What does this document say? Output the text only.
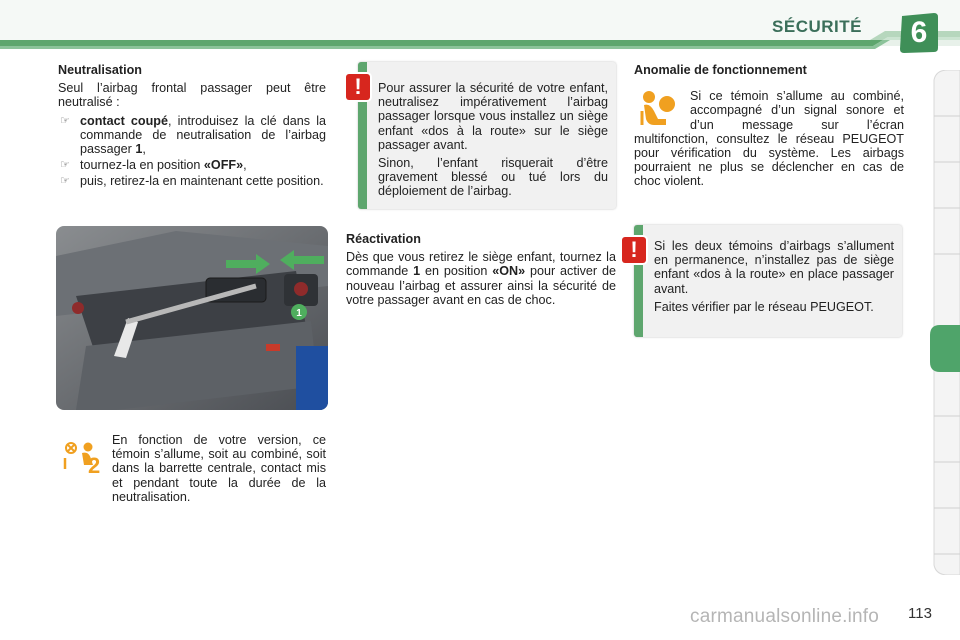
SÉCURITÉ	6
Neutralisation

Seul l’airbag frontal passager peut être neutralisé :

☞ contact coupé, introduisez la clé dans la commande de neutralisation de l’airbag passager 1,
☞ tournez-la en position «OFF»,
☞ puis, retirez-la en maintenant cette position.
!	Pour assurer la sécurité de votre enfant, neutralisez impérativement l’airbag passager lorsque vous installez un siège enfant «dos à la route» sur le siège passager avant.

Sinon, l’enfant risquerait d’être gravement blessé ou tué lors du déploiement de l’airbag.

Anomalie de fonctionnement

Si ce témoin s’allume au combiné, accompagné d’un signal sonore et d’un message sur l’écran multifonction, consultez le réseau PEUGEOT pour vérification du système. Les airbags pourraient ne plus se déclencher en cas de choc violent.

1
Réactivation

Dès que vous retirez le siège enfant, tournez la commande 1 en position «ON» pour activer de nouveau l’airbag et assurer ainsi la sécurité de votre passager avant en cas de choc.

!	Si les deux témoins d’airbags s’allument en permanence, n’installez pas de siège enfant «dos à la route» en place passager avant.

Faites vérifier par le réseau PEUGEOT.

2
En fonction de votre version, ce témoin s’allume, soit au combiné, soit dans la barrette centrale, contact mis et pendant toute la durée de la neutralisation.
carmanualsonline.info 113
